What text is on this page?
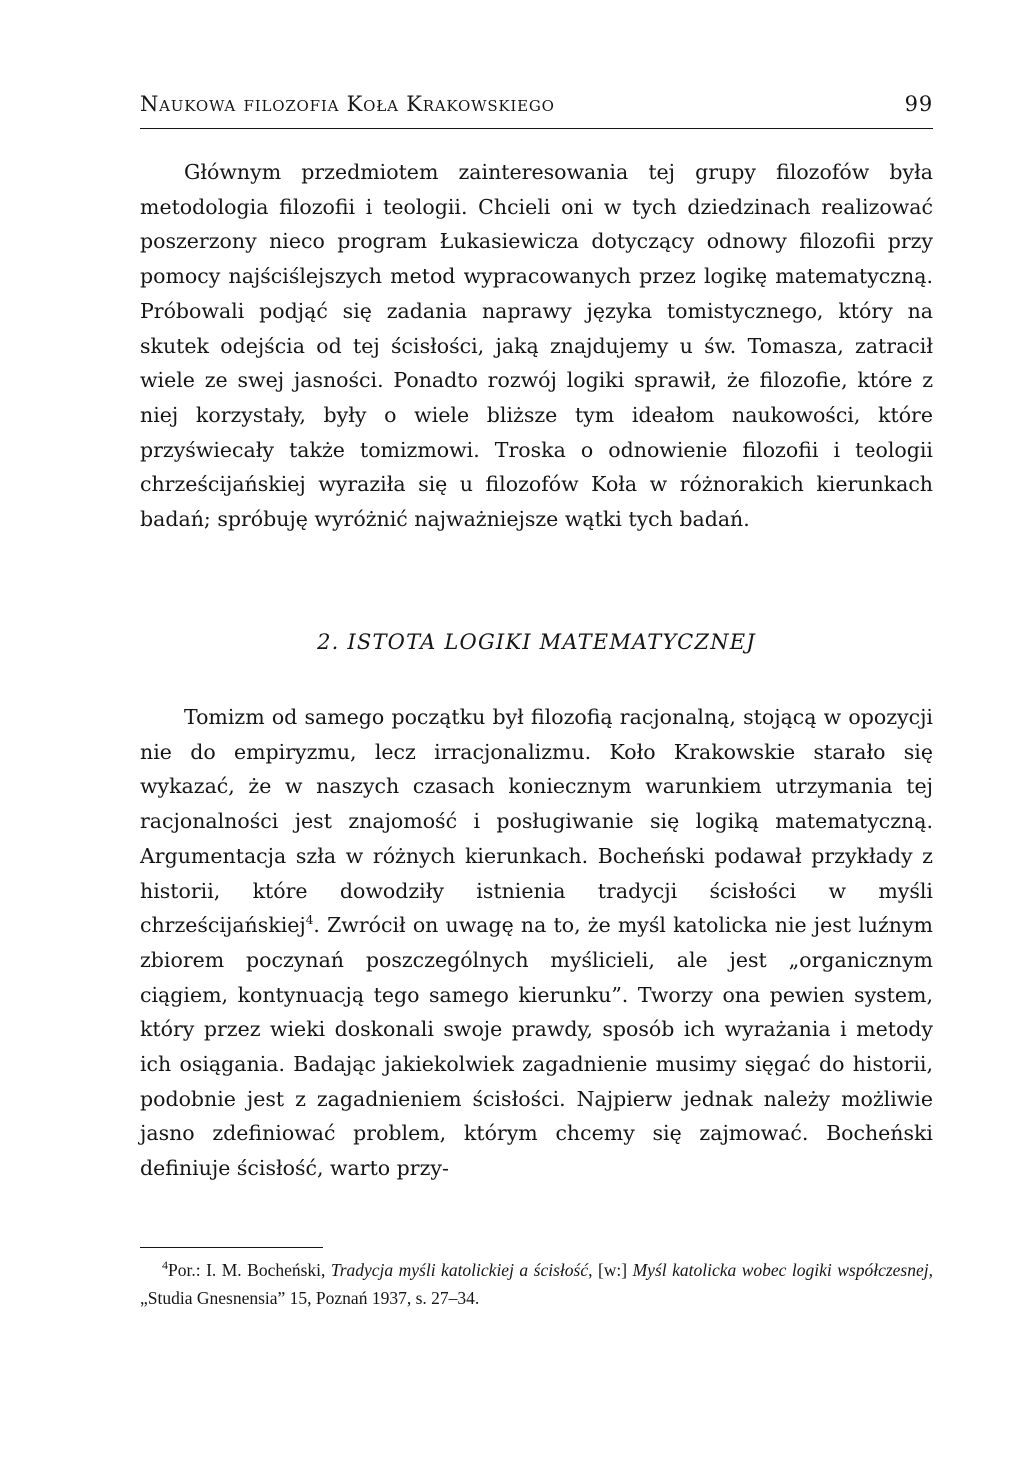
Naukowa filozofia Koła Krakowskiego	99

Głównym przedmiotem zainteresowania tej grupy filozofów była metodologia filozofii i teologii. Chcieli oni w tych dziedzinach realizować poszerzony nieco program Łukasiewicza dotyczący odnowy filozofii przy pomocy najściślejszych metod wypracowanych przez logikę matematyczną. Próbowali podjąć się zadania naprawy języka tomistycznego, który na skutek odejścia od tej ścisłości, jaką znajdujemy u św. Tomasza, zatracił wiele ze swej jasności. Ponadto rozwój logiki sprawił, że filozofie, które z niej korzystały, były o wiele bliższe tym ideałom naukowości, które przyświecały także tomizmowi. Troska o odnowienie filozofii i teologii chrześcijańskiej wyraziła się u filozofów Koła w różnorakich kierunkach badań; spróbuję wyróżnić najważniejsze wątki tych badań.

2. ISTOTA LOGIKI MATEMATYCZNEJ

Tomizm od samego początku był filozofią racjonalną, stojącą w opozycji nie do empiryzmu, lecz irracjonalizmu. Koło Krakowskie starało się wykazać, że w naszych czasach koniecznym warunkiem utrzymania tej racjonalności jest znajomość i posługiwanie się logiką matematyczną. Argumentacja szła w różnych kierunkach. Bocheński podawał przykłady z historii, które dowodziły istnienia tradycji ścisłości w myśli chrześcijańskiej$^4$. Zwrócił on uwagę na to, że myśl katolicka nie jest luźnym zbiorem poczynań poszczególnych myślicieli, ale jest „organicznym ciągiem, kontynuacją tego samego kierunku”. Tworzy ona pewien system, który przez wieki doskonali swoje prawdy, sposób ich wyrażania i metody ich osiągania. Badając jakiekolwiek zagadnienie musimy sięgać do historii, podobnie jest z zagadnieniem ścisłości. Najpierw jednak należy możliwie jasno zdefiniować problem, którym chcemy się zajmować. Bocheński definiuje ścisłość, warto przy-

$^4$Por.: I. M. Bocheński, Tradycja myśli katolickiej a ścisłość, [w:] Myśl katolicka wobec logiki współczesnej, „Studia Gnesnensia” 15, Poznań 1937, s. 27–34.
